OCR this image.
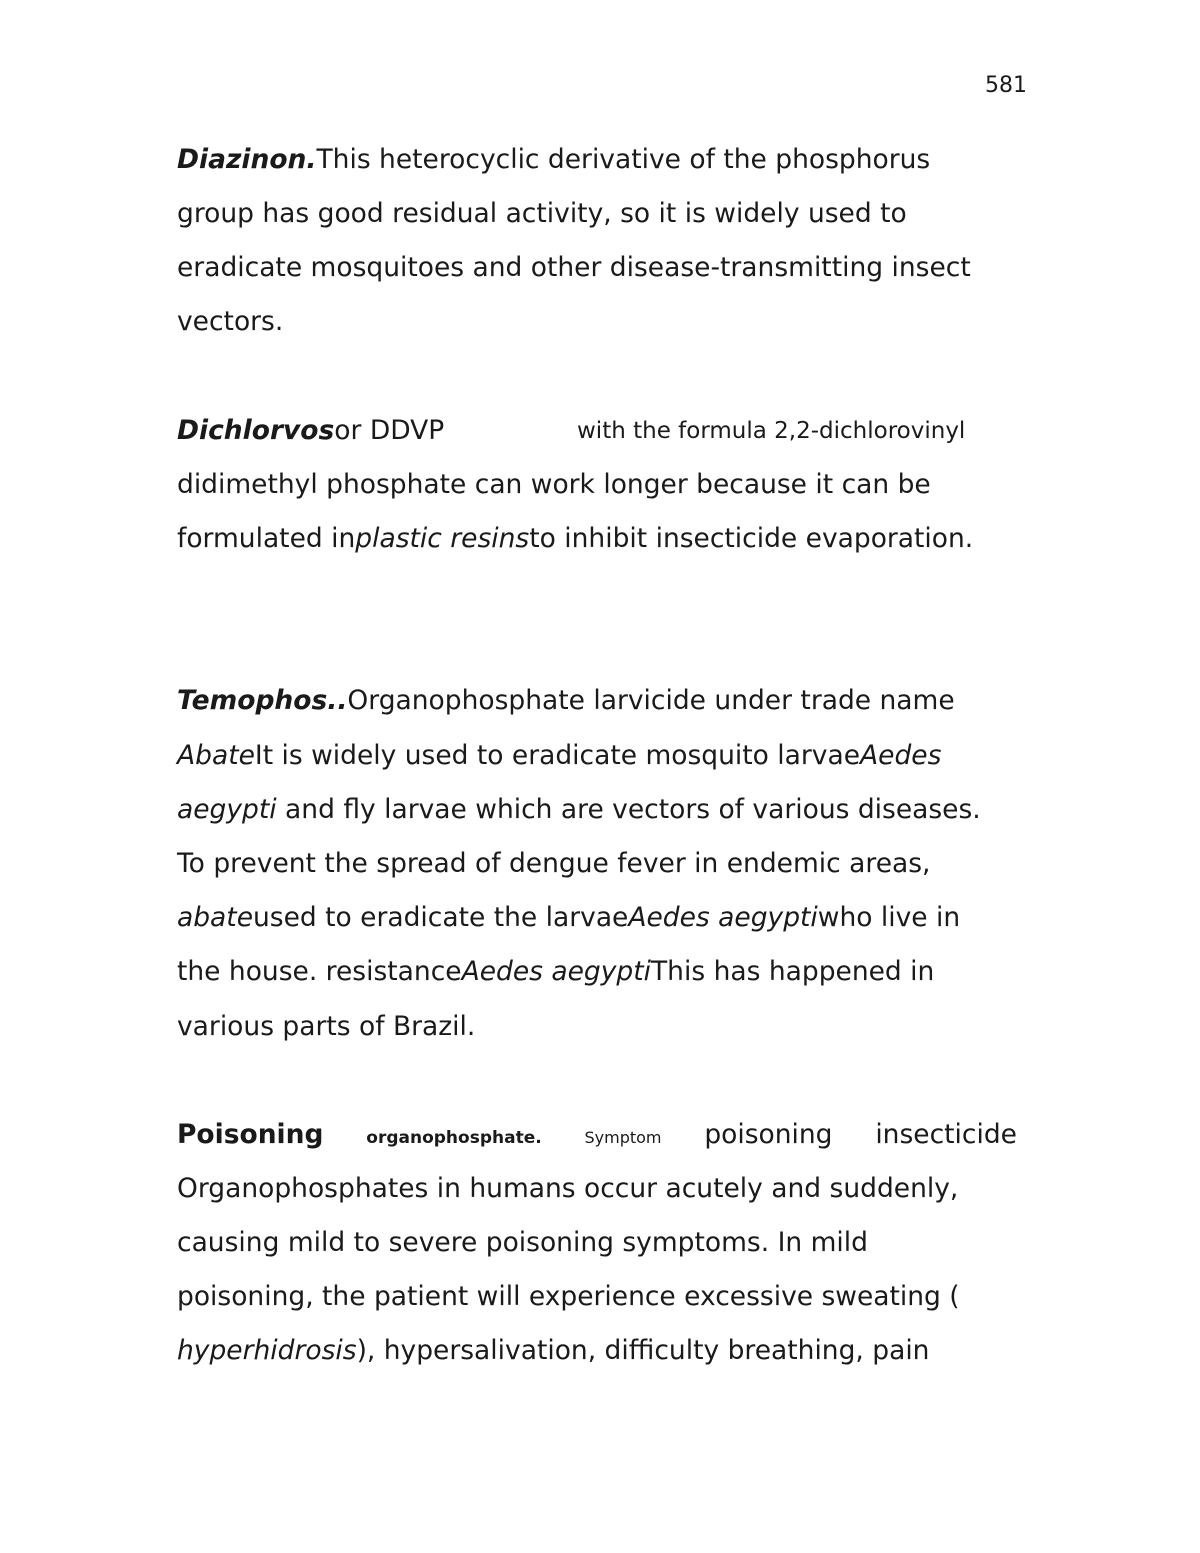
581
Diazinon.This heterocyclic derivative of the phosphorus
group has good residual activity, so it is widely used to
eradicate mosquitoes and other disease-transmitting insect
vectors.
Dichlorvosor DDVP	with the formula 2,2-dichlorovinyl
didimethyl phosphate can work longer because it can be
formulated inplastic resinsto inhibit insecticide evaporation.
Temophos..Organophosphate larvicide under trade name
AbateIt is widely used to eradicate mosquito larvaeAedes
aegypti and fly larvae which are vectors of various diseases.
To prevent the spread of dengue fever in endemic areas,
abateused to eradicate the larvaeAedes aegyptiwho live in
the house. resistanceAedes aegyptiThis has happened in
various parts of Brazil.
Poisoning	organophosphate.	Symptom poisoning insecticide
Organophosphates in humans occur acutely and suddenly,
causing mild to severe poisoning symptoms. In mild
poisoning, the patient will experience excessive sweating (
hyperhidrosis), hypersalivation, difficulty breathing, pain
